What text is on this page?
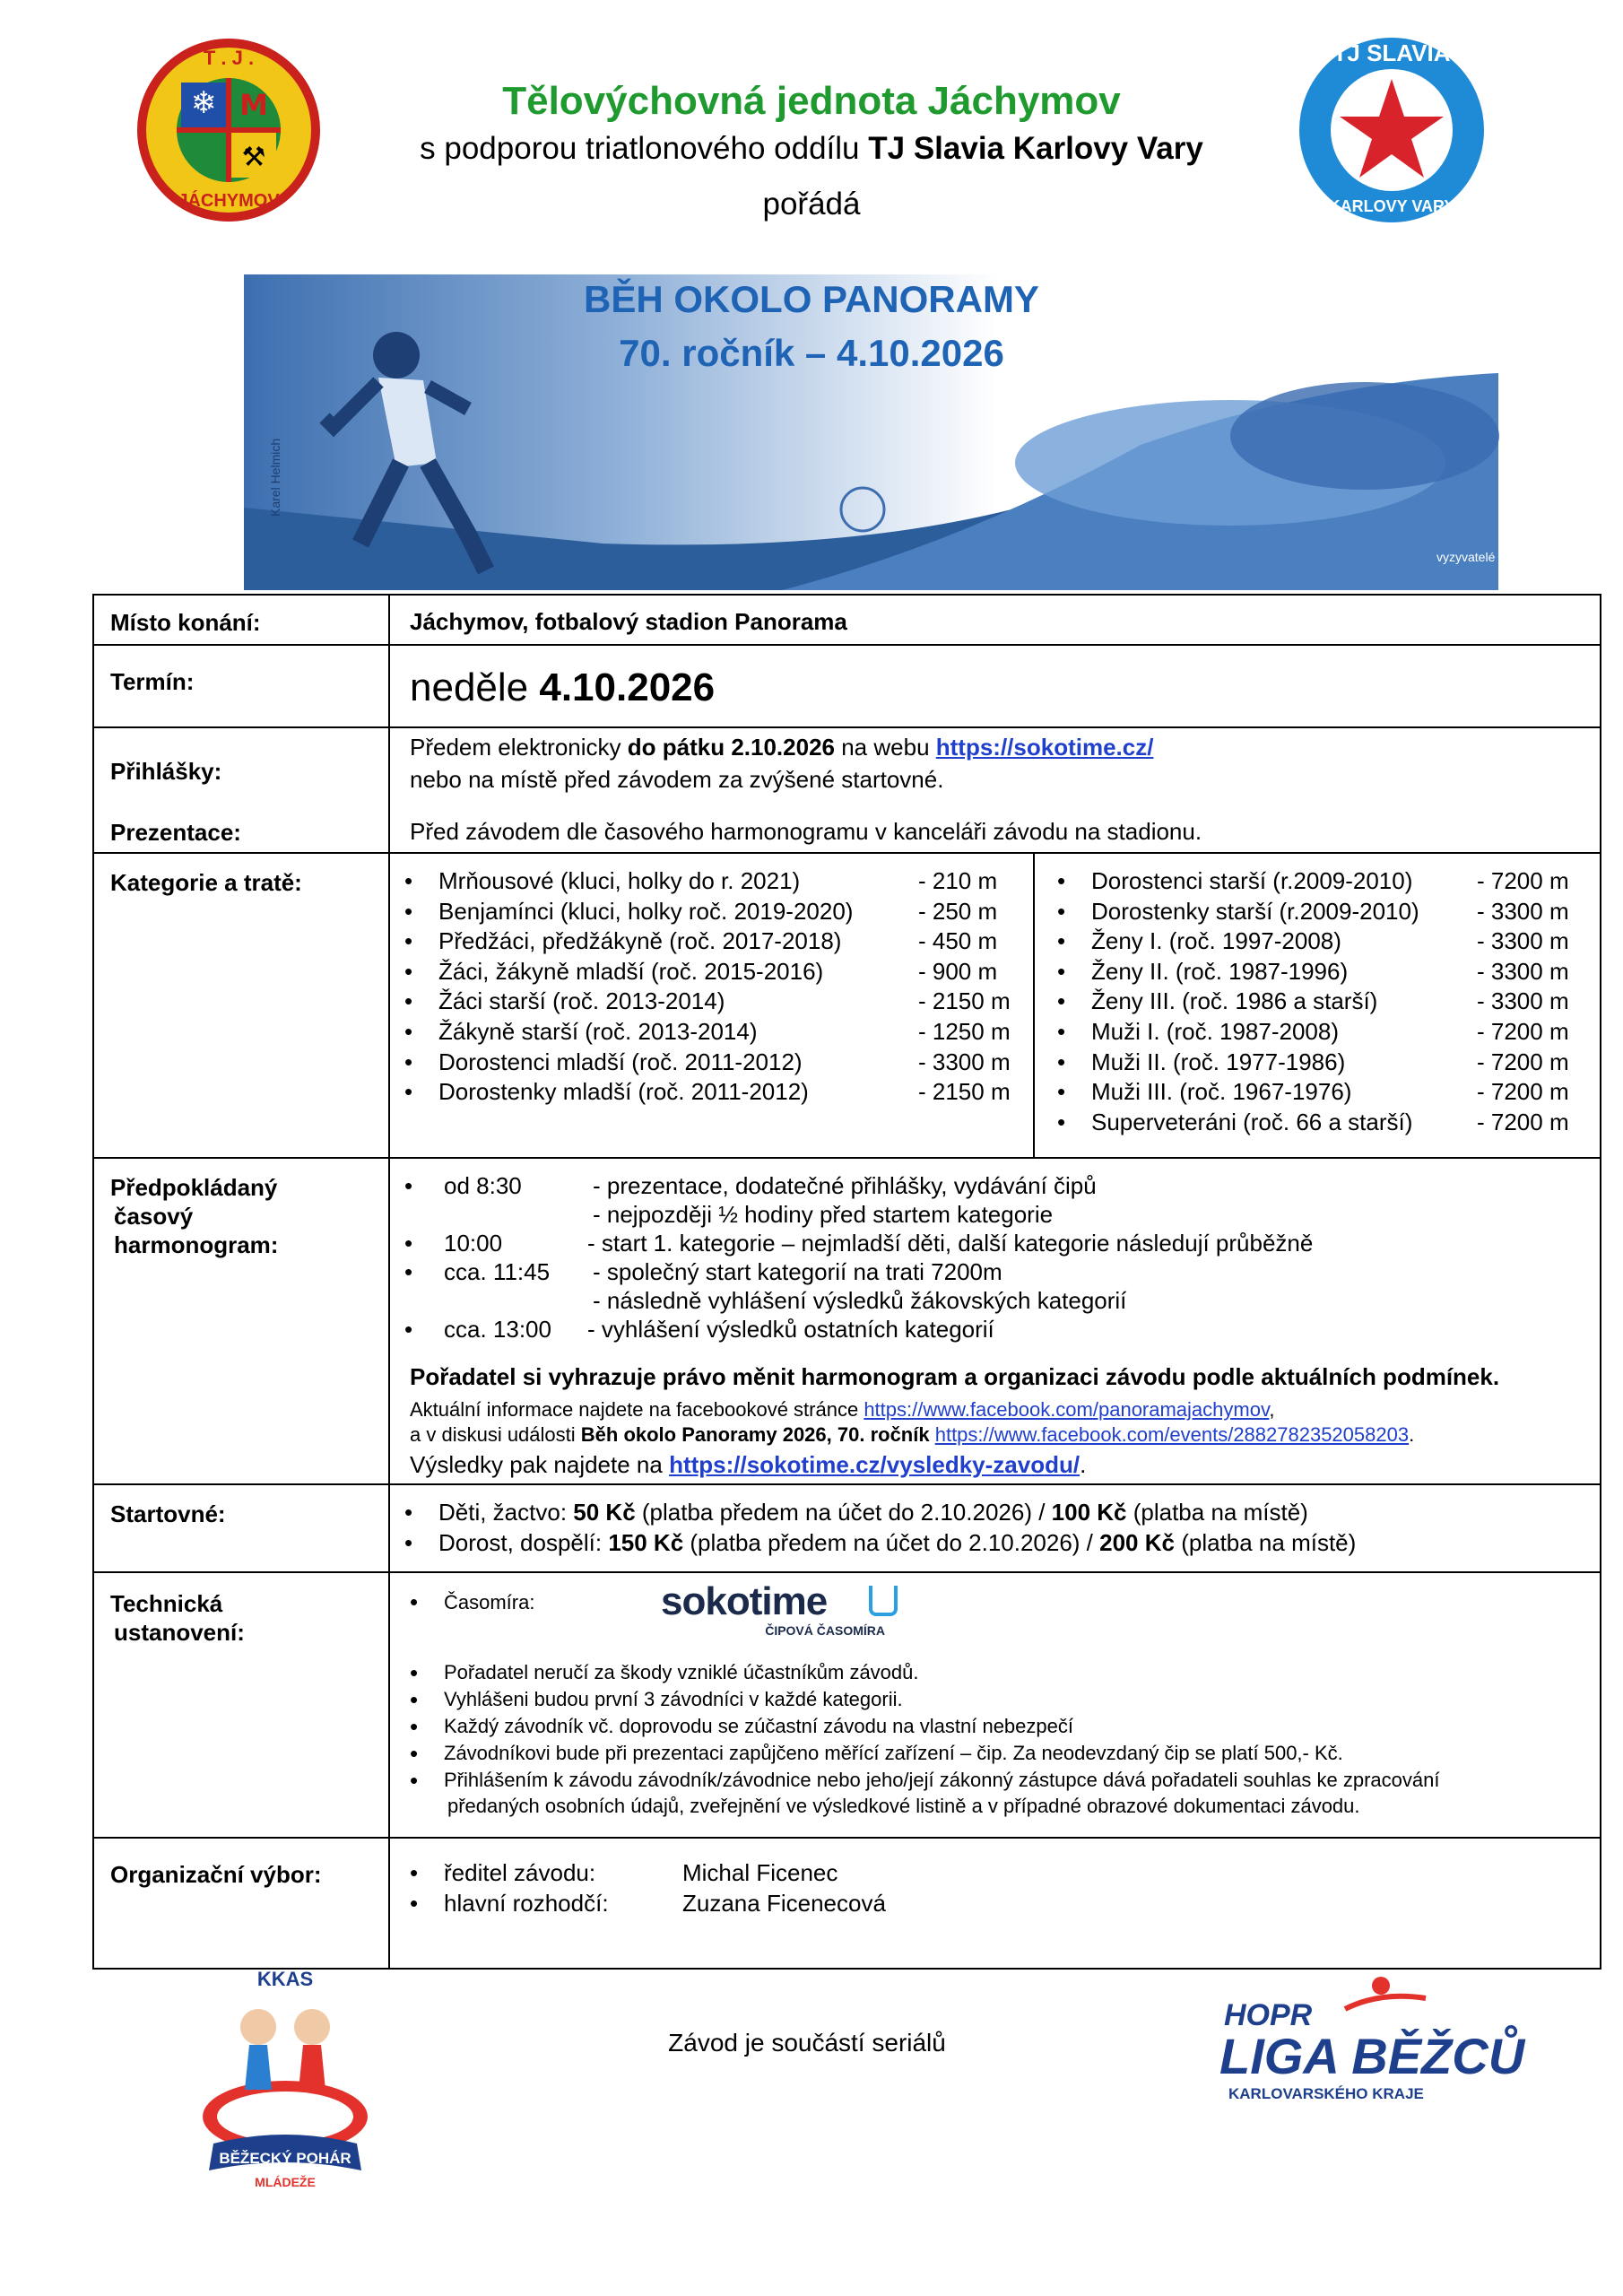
❄ M
⚒
T . J .
JÁCHYMOV
TJ SLAVIA
KARLOVY VARY
Tělovýchovná jednota Jáchymov
s podporou triatlonového oddílu TJ Slavia Karlovy Vary
pořádá
Karel Helmich
vyzyvatelé
BĚH OKOLO PANORAMY
70. ročník – 4.10.2026
Místo konání:	Jáchymov, fotbalový stadion Panorama
Termín:	neděle 4.10.2026
Přihlášky:
Předem elektronicky do pátku 2.10.2026 na webu https://sokotime.cz/
nebo na místě před závodem za zvýšené startovné.
Prezentace:	Před závodem dle časového harmonogramu v kanceláři závodu na stadionu.
Kategorie a tratě:	• Mrňousové (kluci, holky do r. 2021)	- 210 m
• Benjamínci (kluci, holky roč. 2019-2020)	- 250 m
• Předžáci, předžákyně (roč. 2017-2018)	- 450 m
• Žáci, žákyně mladší (roč. 2015-2016)	- 900 m
• Žáci starší (roč. 2013-2014)	- 2150 m
• Žákyně starší (roč. 2013-2014)	- 1250 m
• Dorostenci mladší (roč. 2011-2012)	- 3300 m
• Dorostenky mladší (roč. 2011-2012)	- 2150 m
• Dorostenci starší (r.2009-2010)	- 7200 m
• Dorostenky starší (r.2009-2010) - 3300 m
• Ženy I. (roč. 1997-2008)	- 3300 m
• Ženy II. (roč. 1987-1996)	- 3300 m
• Ženy III. (roč. 1986 a starší)	- 3300 m
• Muži I. (roč. 1987-2008)	- 7200 m
• Muži II. (roč. 1977-1986)	- 7200 m
• Muži III. (roč. 1967-1976)	- 7200 m
• Superveteráni (roč. 66 a starší)	- 7200 m
Předpokládaný
časový
harmonogram:
• od 8:30	- prezentace, dodatečné přihlášky, vydávání čipů
- nejpozději ½ hodiny před startem kategorie
• 10:00	- start 1. kategorie – nejmladší děti, další kategorie následují průběžně
• cca. 11:45 - společný start kategorií na trati 7200m
- následně vyhlášení výsledků žákovských kategorií
• cca. 13:00 - vyhlášení výsledků ostatních kategorií
Pořadatel si vyhrazuje právo měnit harmonogram a organizaci závodu podle aktuálních podmínek.
Aktuální informace najdete na facebookové stránce https://www.facebook.com/panoramajachymov,
a v diskusi události Běh okolo Panoramy 2026, 70. ročník https://www.facebook.com/events/2882782352058203.
Výsledky pak najdete na https://sokotime.cz/vysledky-zavodu/.
Startovné:	• Děti, žactvo: 50 Kč (platba předem na účet do 2.10.2026) / 100 Kč (platba na místě)
• Dorost, dospělí: 150 Kč (platba předem na účet do 2.10.2026) / 200 Kč (platba na místě)
Technická
ustanovení:
• Časomíra:	sokotime
ČIPOVÁ ČASOMÍRA
• Pořadatel neručí za škody vzniklé účastníkům závodů.
• Vyhlášeni budou první 3 závodníci v každé kategorii.
• Každý závodník vč. doprovodu se zúčastní závodu na vlastní nebezpečí
• Závodníkovi bude při prezentaci zapůjčeno měřící zařízení – čip. Za neodevzdaný čip se platí 500,- Kč.
• Přihlášením k závodu závodník/závodnice nebo jeho/její zákonný zástupce dává pořadateli souhlas ke zpracování
předaných osobních údajů, zveřejnění ve výsledkové listině a v případné obrazové dokumentaci závodu.
Organizační výbor:	• ředitel závodu:	Michal Ficenec
• hlavní rozhodčí:	Zuzana Ficenecová
Závod je součástí seriálů
KKAS
BĚŽECKÝ POHÁR
MLÁDEŽE
HOPR
LIGA BĚŽCŮ
KARLOVARSKÉHO KRAJE
